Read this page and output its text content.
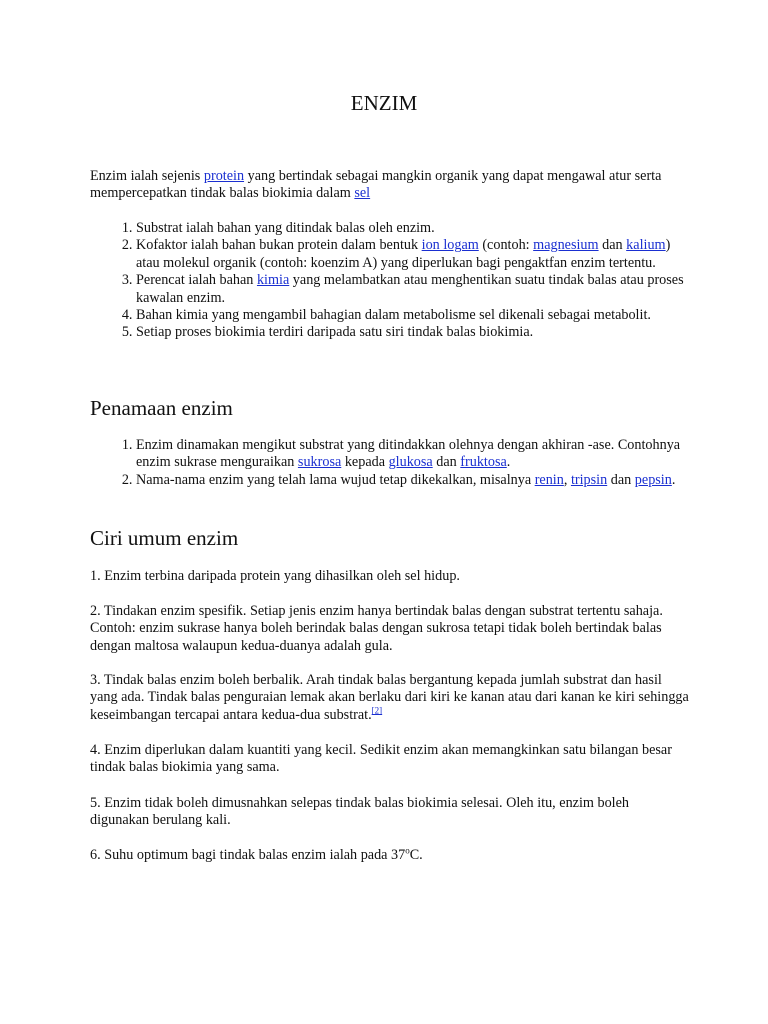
ENZIM
Enzim ialah sejenis protein yang bertindak sebagai mangkin organik yang dapat mengawal atur serta mempercepatkan tindak balas biokimia dalam sel
1. Substrat ialah bahan yang ditindak balas oleh enzim.
2. Kofaktor ialah bahan bukan protein dalam bentuk ion logam (contoh: magnesium dan kalium) atau molekul organik (contoh: koenzim A) yang diperlukan bagi pengaktfan enzim tertentu.
3. Perencat ialah bahan kimia yang melambatkan atau menghentikan suatu tindak balas atau proses kawalan enzim.
4. Bahan kimia yang mengambil bahagian dalam metabolisme sel dikenali sebagai metabolit.
5. Setiap proses biokimia terdiri daripada satu siri tindak balas biokimia.
Penamaan enzim
1. Enzim dinamakan mengikut substrat yang ditindakkan olehnya dengan akhiran -ase. Contohnya enzim sukrase menguraikan sukrosa kepada glukosa dan fruktosa.
2. Nama-nama enzim yang telah lama wujud tetap dikekalkan, misalnya renin, tripsin dan pepsin.
Ciri umum enzim

1. Enzim terbina daripada protein yang dihasilkan oleh sel hidup.

2. Tindakan enzim spesifik. Setiap jenis enzim hanya bertindak balas dengan substrat tertentu sahaja. Contoh: enzim sukrase hanya boleh berindak balas dengan sukrosa tetapi tidak boleh bertindak balas dengan maltosa walaupun kedua-duanya adalah gula.

3. Tindak balas enzim boleh berbalik. Arah tindak balas bergantung kepada jumlah substrat dan hasil yang ada. Tindak balas penguraian lemak akan berlaku dari kiri ke kanan atau dari kanan ke kiri sehingga keseimbangan tercapai antara kedua-dua substrat.[2]

4. Enzim diperlukan dalam kuantiti yang kecil. Sedikit enzim akan memangkinkan satu bilangan besar tindak balas biokimia yang sama.

5. Enzim tidak boleh dimusnahkan selepas tindak balas biokimia selesai. Oleh itu, enzim boleh digunakan berulang kali.

6. Suhu optimum bagi tindak balas enzim ialah pada 37$^o$C.
